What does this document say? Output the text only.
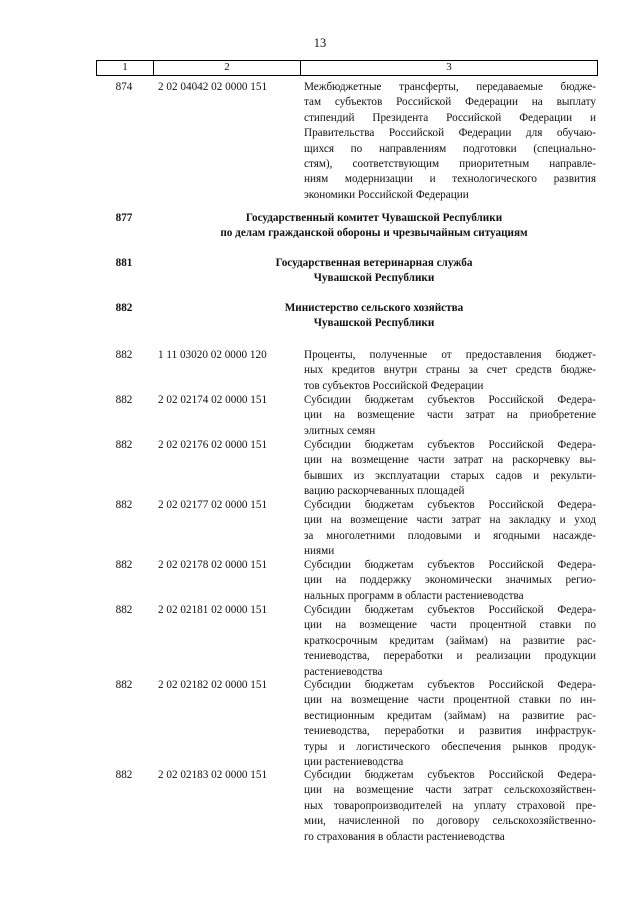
13
1	2	3
874	2 02 04042 02 0000 151	Межбюджетные трансферты, передаваемые бюдже-
там субъектов Российской Федерации на выплату
стипендий Президента Российской Федерации и
Правительства Российской Федерации для обучаю-
щихся по направлениям подготовки (специально-
стям), соответствующим приоритетным направле-
ниям модернизации и технологического развития
экономики Российской Федерации
877	Государственный комитет Чувашской Республики
по делам гражданской обороны и чрезвычайным ситуациям
881	Государственная ветеринарная служба
Чувашской Республики
882	Министерство сельского хозяйства
Чувашской Республики
882	1 11 03020 02 0000 120	Проценты, полученные от предоставления бюджет-
ных кредитов внутри страны за счет средств бюдже-
тов субъектов Российской Федерации
882	2 02 02174 02 0000 151	Субсидии бюджетам субъектов Российской Федера-
ции на возмещение части затрат на приобретение
элитных семян
882	2 02 02176 02 0000 151	Субсидии бюджетам субъектов Российской Федера-
ции на возмещение части затрат на раскорчевку вы-
бывших из эксплуатации старых садов и рекульти-
вацию раскорчеванных площадей
882	2 02 02177 02 0000 151	Субсидии бюджетам субъектов Российской Федера-
ции на возмещение части затрат на закладку и уход
за многолетними плодовыми и ягодными насажде-
ниями
882	2 02 02178 02 0000 151	Субсидии бюджетам субъектов Российской Федера-
ции на поддержку экономически значимых регио-
нальных программ в области растениеводства
882	2 02 02181 02 0000 151	Субсидии бюджетам субъектов Российской Федера-
ции на возмещение части процентной ставки по
краткосрочным кредитам (займам) на развитие рас-
тениеводства, переработки и реализации продукции
растениеводства
882	2 02 02182 02 0000 151	Субсидии бюджетам субъектов Российской Федера-
ции на возмещение части процентной ставки по ин-
вестиционным кредитам (займам) на развитие рас-
тениеводства, переработки и развития инфраструк-
туры и логистического обеспечения рынков продук-
ции растениеводства
882	2 02 02183 02 0000 151	Субсидии бюджетам субъектов Российской Федера-
ции на возмещение части затрат сельскохозяйствен-
ных товаропроизводителей на уплату страховой пре-
мии, начисленной по договору сельскохозяйственно-
го страхования в области растениеводства
